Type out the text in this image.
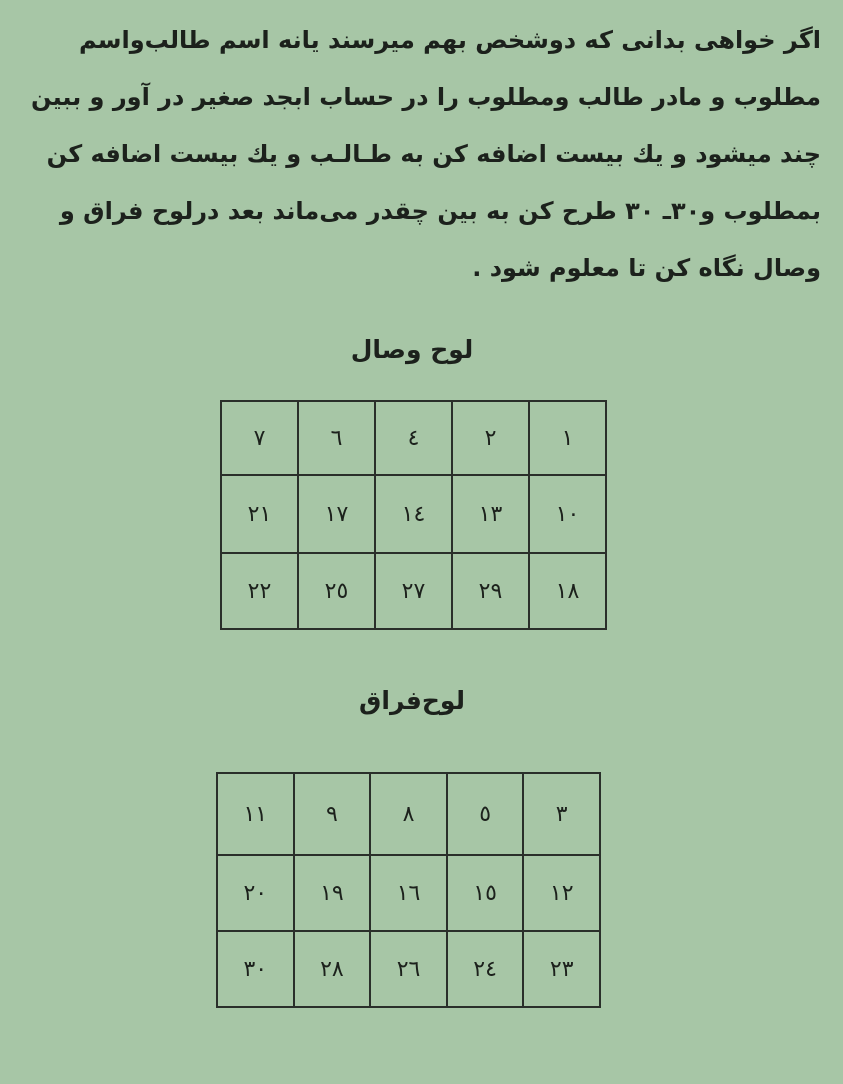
اگر خواهی بدانی که دوشخص بهم میرسند یانه اسم طالب‌واسم
مطلوب و مادر طالب ومطلوب را در حساب ابجد صغیر در آور و ببین
چند میشود و یك بیست اضافه کن به طـالـب و یك بیست اضافه کن
بمطلوب و۳۰ـ ۳۰ طرح کن به بین چقدر می‌ماند بعد درلوح فراق و
وصال نگاه کن تا معلوم شود .
لوح وصال
١	٢	٤	٦	٧
١٠	١٣	١٤	١٧	٢١
١٨	٢٩	٢٧	٢٥	٢٢
لوح‌فراق
٣	٥	٨	٩	١١
١٢	١٥	١٦	١٩	٢٠
٢٣	٢٤	٢٦	٢٨	٣٠
